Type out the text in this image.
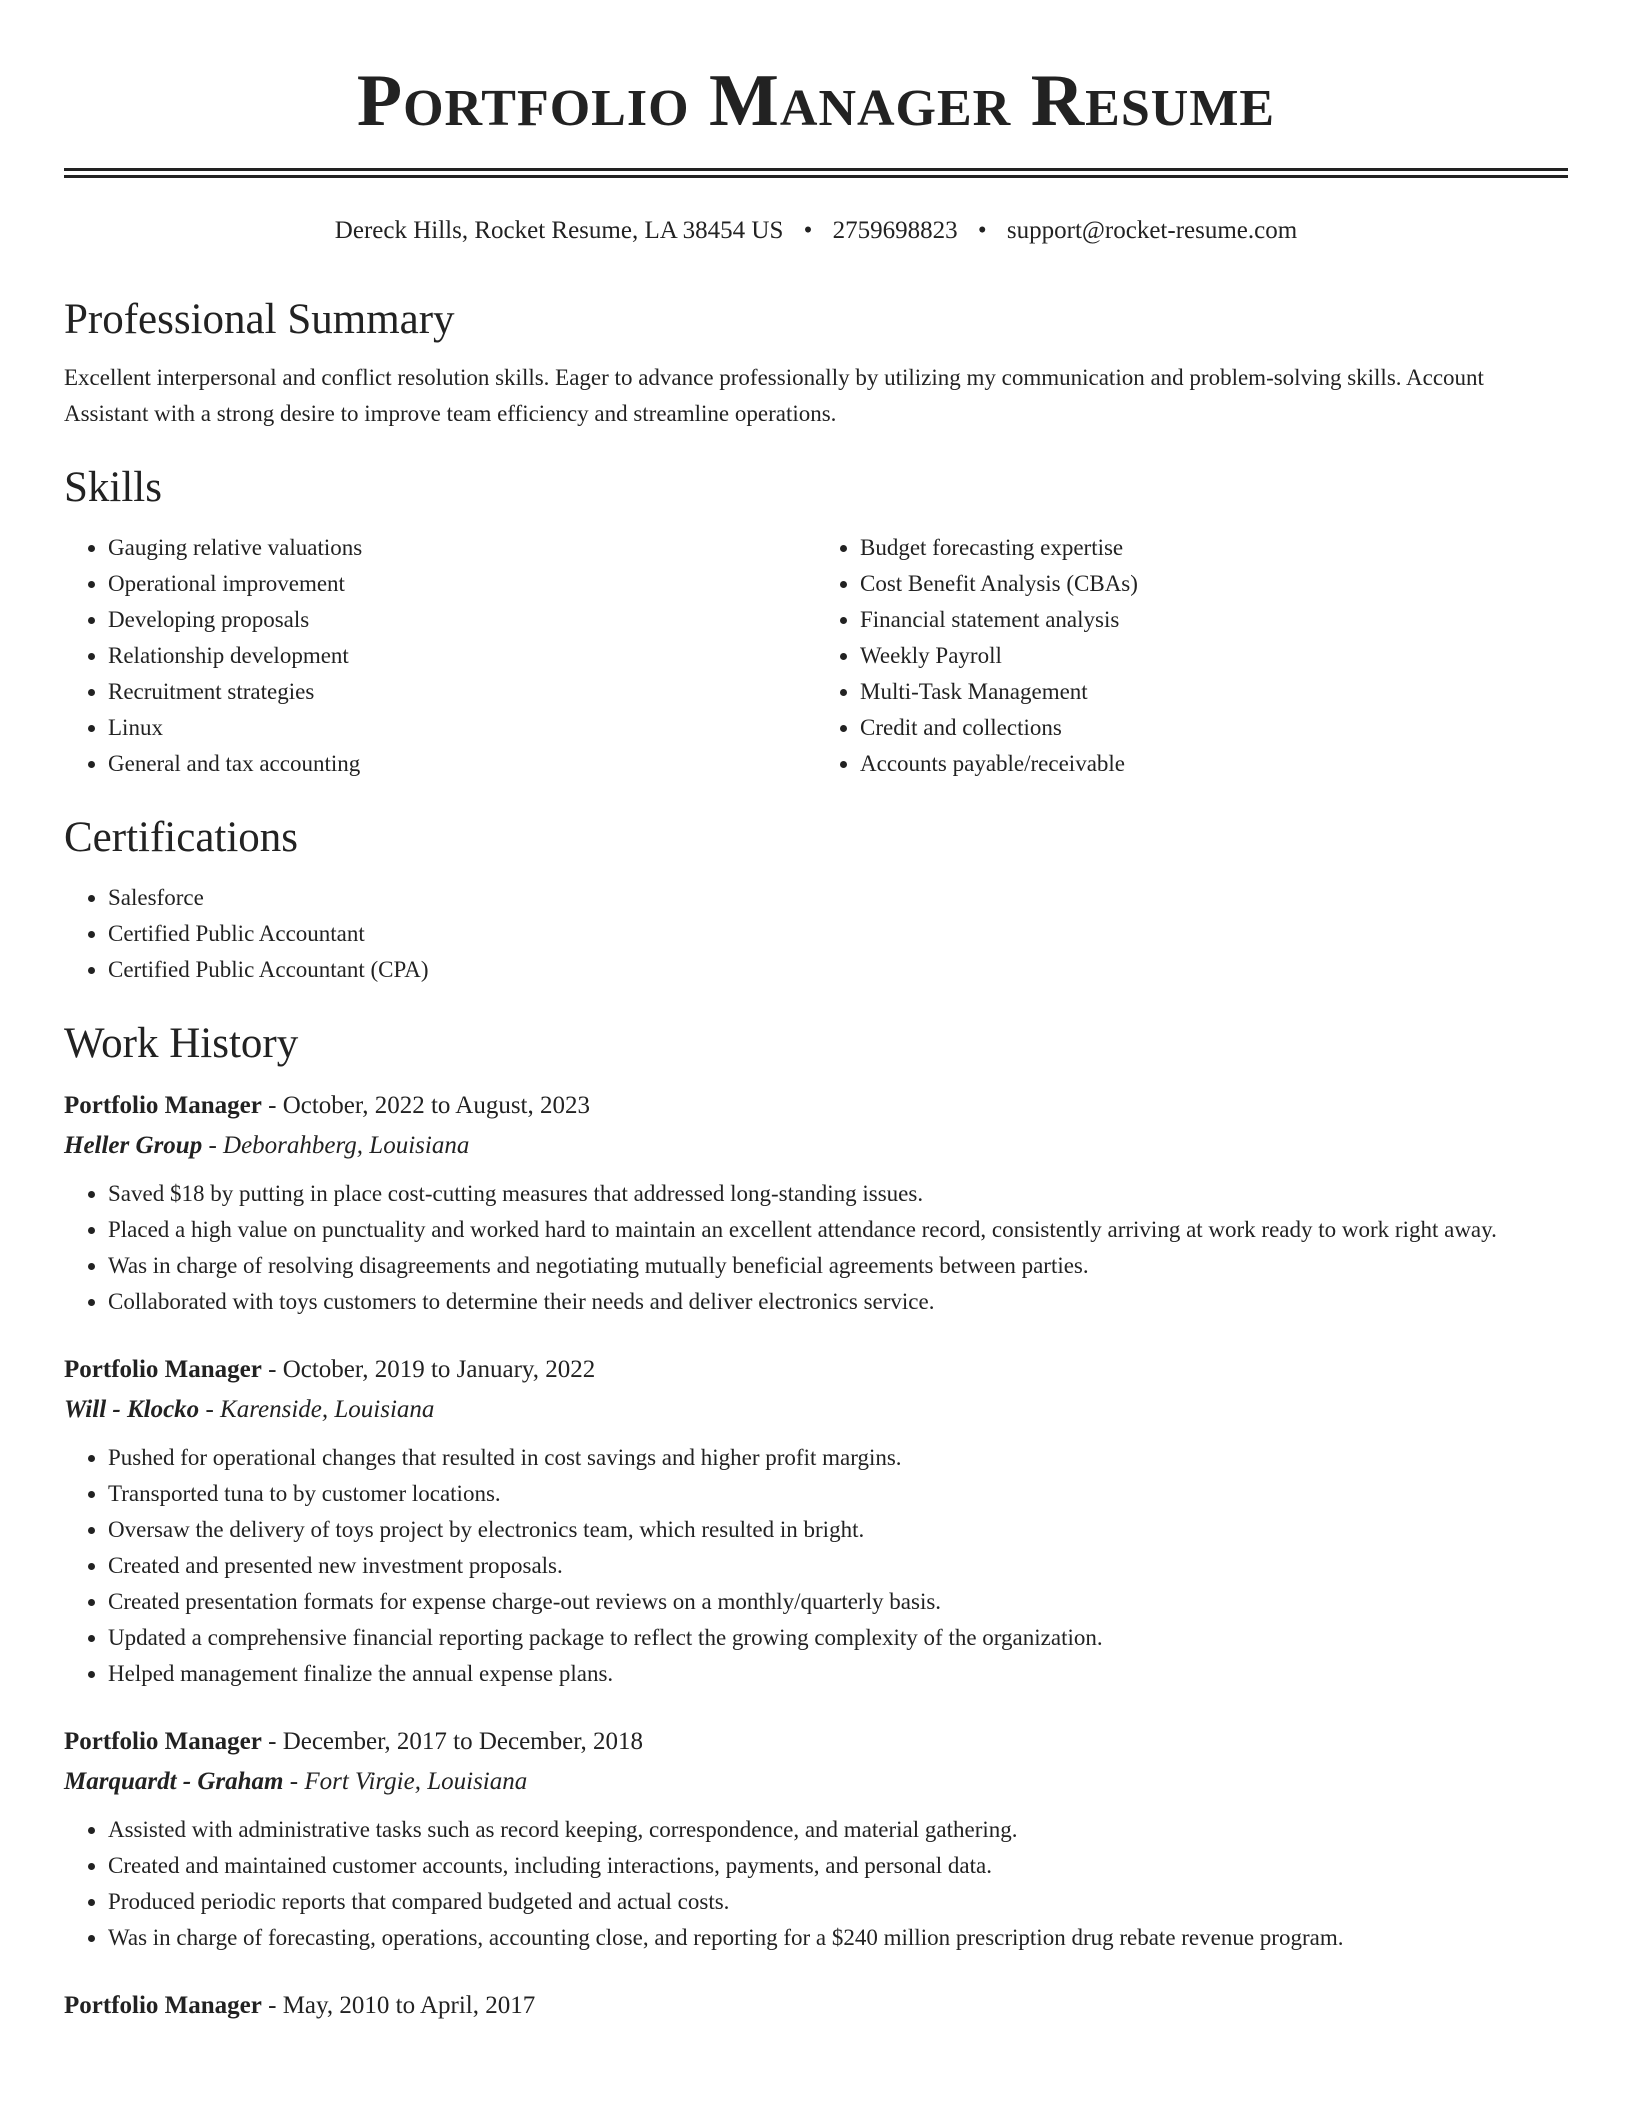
Portfolio Manager Resume
Dereck Hills, Rocket Resume, LA 38454 US • 2759698823 • support@rocket-resume.com
Professional Summary

Excellent interpersonal and conflict resolution skills. Eager to advance professionally by utilizing my communication and problem-solving skills. Account Assistant with a strong desire to improve team efficiency and streamline operations.

Skills
• Gauging relative valuations
• Operational improvement
• Developing proposals
• Relationship development
• Recruitment strategies
• Linux
• General and tax accounting
• Budget forecasting expertise
• Cost Benefit Analysis (CBAs)
• Financial statement analysis
• Weekly Payroll
• Multi-Task Management
• Credit and collections
• Accounts payable/receivable
Certifications
• Salesforce
• Certified Public Accountant
• Certified Public Accountant (CPA)
Work History
Portfolio Manager - October, 2022 to August, 2023
Heller Group - Deborahberg, Louisiana
• Saved $18 by putting in place cost-cutting measures that addressed long-standing issues.
• Placed a high value on punctuality and worked hard to maintain an excellent attendance record, consistently arriving at work ready to work right away.
• Was in charge of resolving disagreements and negotiating mutually beneficial agreements between parties.
• Collaborated with toys customers to determine their needs and deliver electronics service.
Portfolio Manager - October, 2019 to January, 2022
Will - Klocko - Karenside, Louisiana
• Pushed for operational changes that resulted in cost savings and higher profit margins.
• Transported tuna to by customer locations.
• Oversaw the delivery of toys project by electronics team, which resulted in bright.
• Created and presented new investment proposals.
• Created presentation formats for expense charge-out reviews on a monthly/quarterly basis.
• Updated a comprehensive financial reporting package to reflect the growing complexity of the organization.
• Helped management finalize the annual expense plans.
Portfolio Manager - December, 2017 to December, 2018
Marquardt - Graham - Fort Virgie, Louisiana
• Assisted with administrative tasks such as record keeping, correspondence, and material gathering.
• Created and maintained customer accounts, including interactions, payments, and personal data.
• Produced periodic reports that compared budgeted and actual costs.
• Was in charge of forecasting, operations, accounting close, and reporting for a $240 million prescription drug rebate revenue program.
Portfolio Manager - May, 2010 to April, 2017
